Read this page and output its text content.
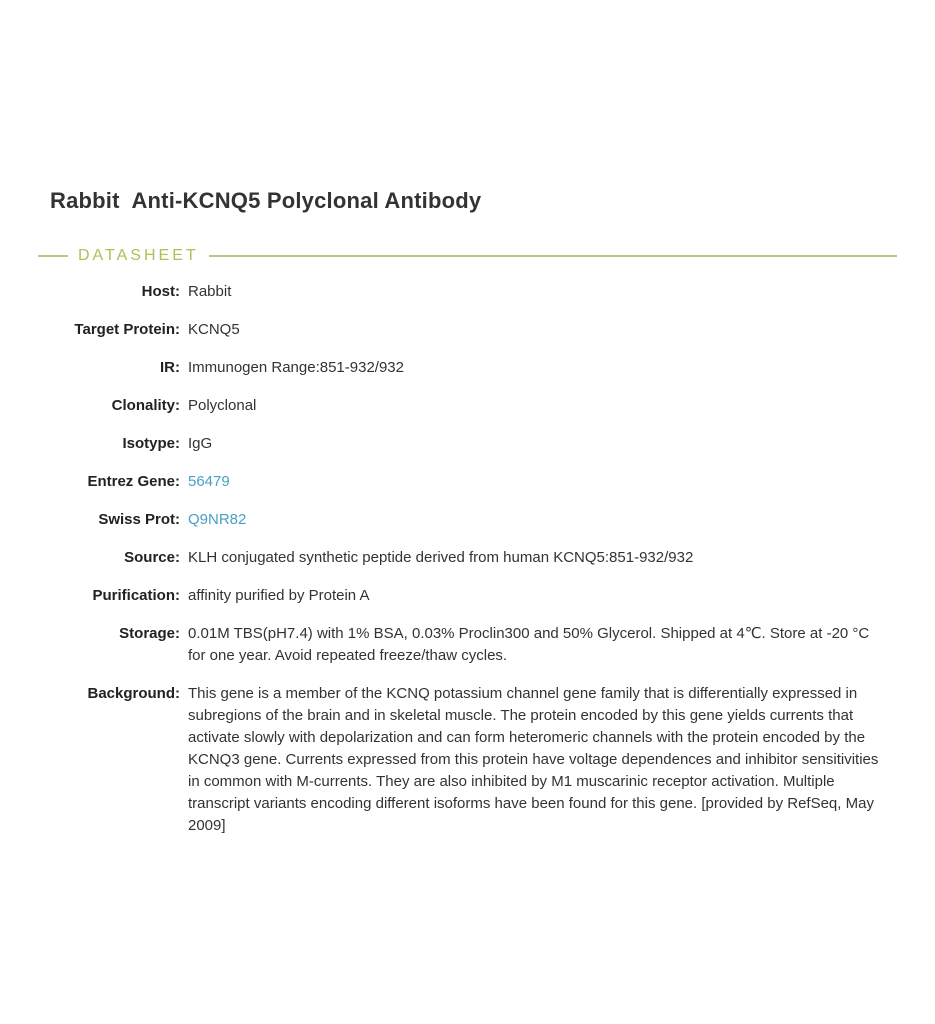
Rabbit  Anti-KCNQ5 Polyclonal Antibody
DATASHEET
Host: Rabbit
Target Protein: KCNQ5
IR: Immunogen Range:851-932/932
Clonality: Polyclonal
Isotype: IgG
Entrez Gene: 56479
Swiss Prot: Q9NR82
Source: KLH conjugated synthetic peptide derived from human KCNQ5:851-932/932
Purification: affinity purified by Protein A
Storage: 0.01M TBS(pH7.4) with 1% BSA, 0.03% Proclin300 and 50% Glycerol. Shipped at 4℃. Store at -20 °C for one year. Avoid repeated freeze/thaw cycles.
Background: This gene is a member of the KCNQ potassium channel gene family that is differentially expressed in subregions of the brain and in skeletal muscle. The protein encoded by this gene yields currents that activate slowly with depolarization and can form heteromeric channels with the protein encoded by the KCNQ3 gene. Currents expressed from this protein have voltage dependences and inhibitor sensitivities in common with M-currents. They are also inhibited by M1 muscarinic receptor activation. Multiple transcript variants encoding different isoforms have been found for this gene. [provided by RefSeq, May 2009]
